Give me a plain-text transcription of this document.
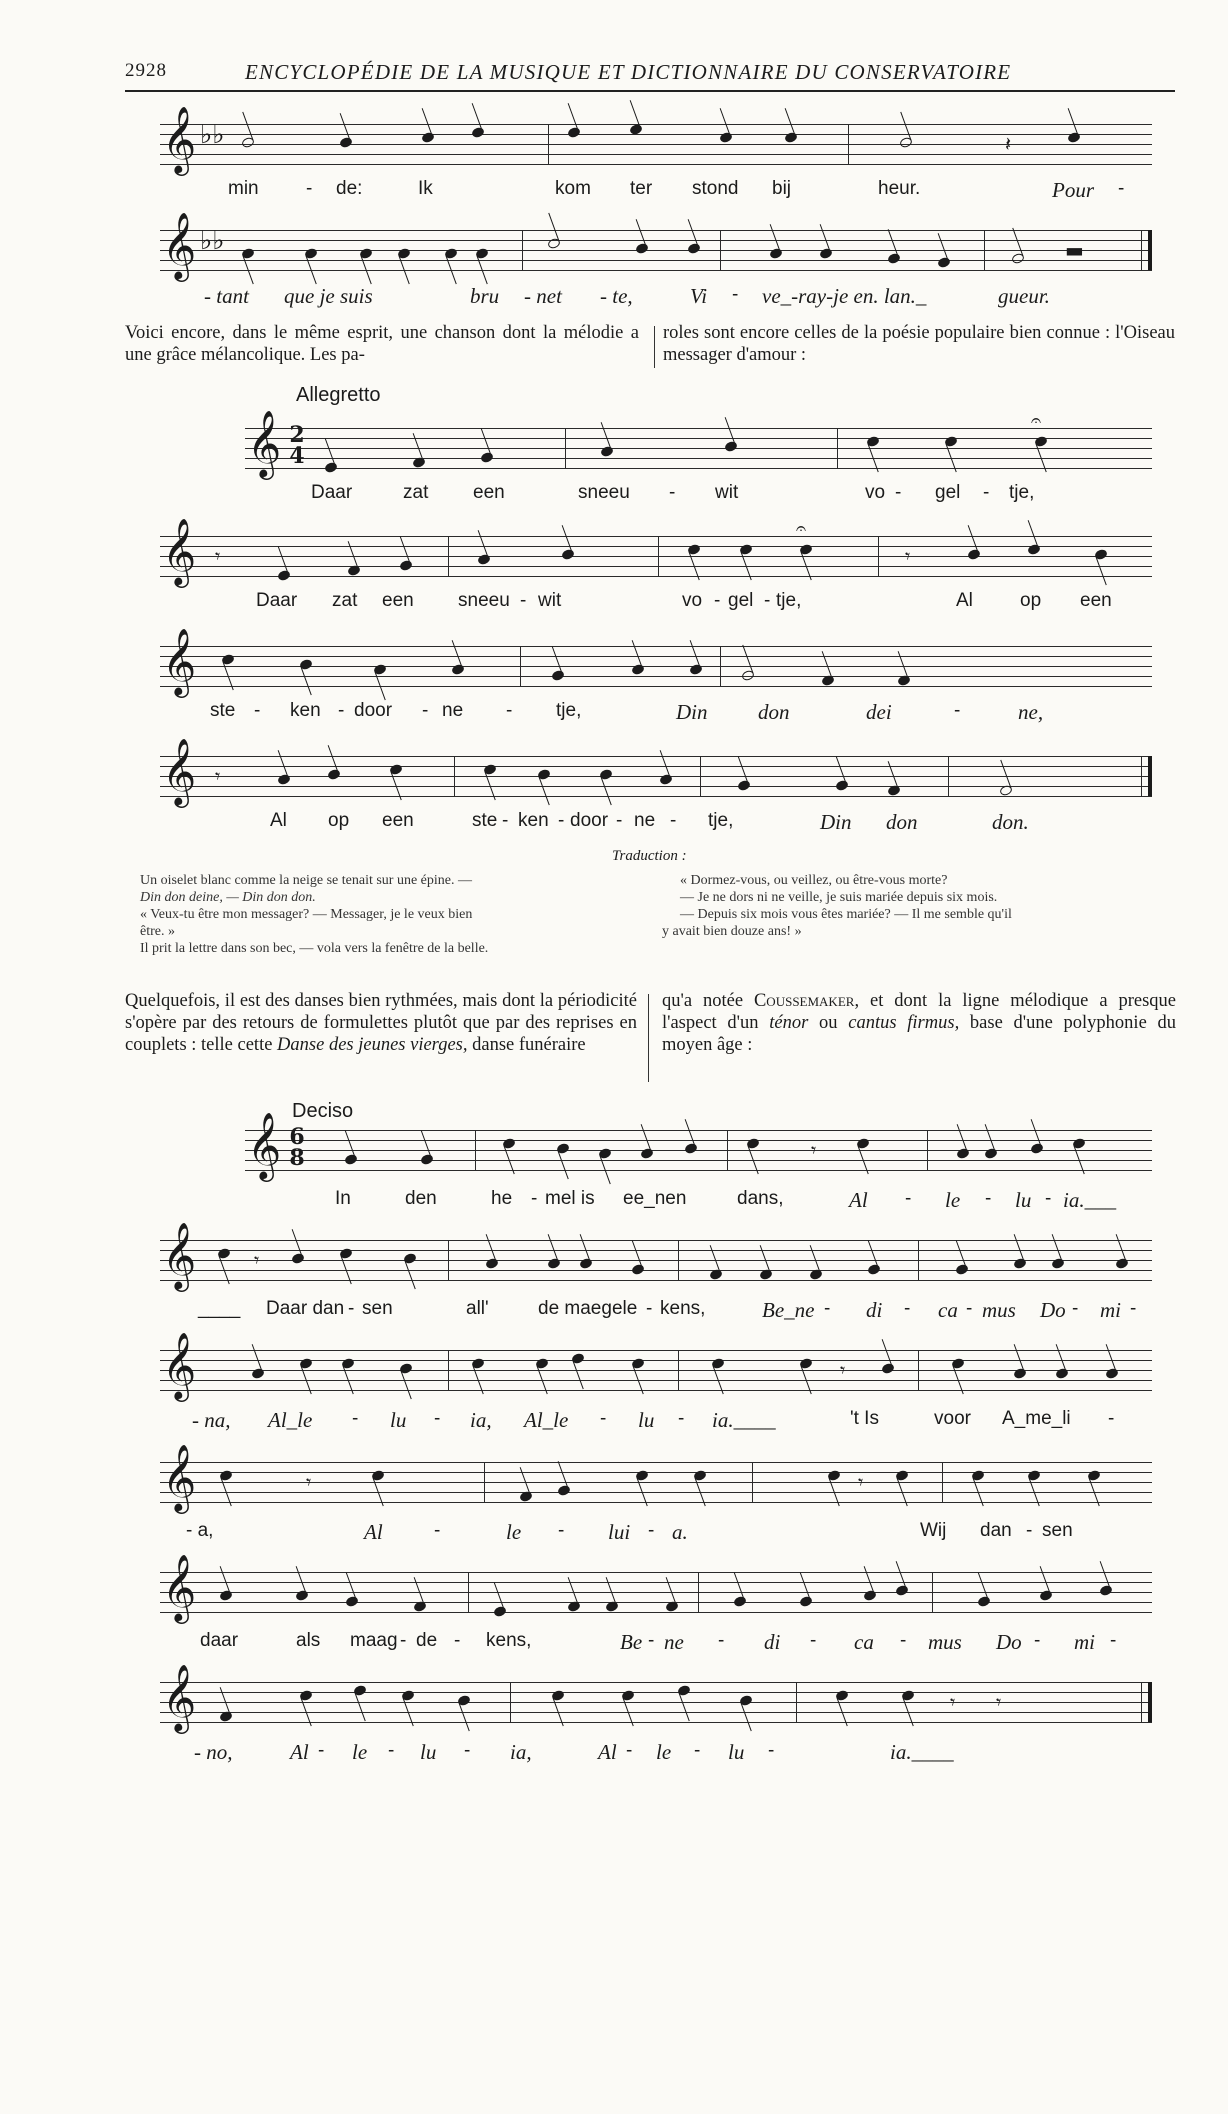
2928	ENCYCLOPÉDIE DE LA MUSIQUE ET DICTIONNAIRE DU CONSERVATOIRE
𝄞 ♭♭	𝄽

min

-

de:

	Ik

	kom

ter

stond

bij

	heur.

	Pour

-

𝄞 ♭♭	▬

- tant

que je suis

	bru

- net

- te,

	Vi

-

ve_-ray-je en. lan._

	gueur.

Voici encore, dans le même esprit, une chanson dont la mélodie a une grâce mélancolique. Les pa-
roles sont encore celles de la poésie populaire bien connue : l'Oiseau messager d'amour :
Allegretto
𝄞 2
4
𝄐

Daar

	zat

een

	sneeu

-

wit

	vo

-

gel

-

tje,

𝄞 𝄾
𝄐
𝄾

Daar

zat

een

sneeu

-

wit

	vo

-

gel

-

tje,

	Al

op

een

𝄞

ste

-

ken

-

door

-

ne

-

tje,

	Din

don

	dei

	-

	ne,

𝄞 𝄾

Al

op

een

	ste

-

ken

-

door

-

ne

-

tje,

	Din

don

	don.

Traduction :
Un oiselet blanc comme la neige se tenait sur une épine. —
Din don deine, — Din don don.
« Veux-tu être mon messager? — Messager, je le veux bien
être. »
Il prit la lettre dans son bec, — vola vers la fenêtre de la belle.
« Dormez-vous, ou veillez, ou être-vous morte?
— Je ne dors ni ne veille, je suis mariée depuis six mois.
— Depuis six mois vous êtes mariée? — Il me semble qu'il
y avait bien douze ans! »
Quelquefois, il est des danses bien rythmées, mais dont la périodicité s'opère par des retours de formulettes plutôt que par des reprises en couplets : telle cette Danse des jeunes vierges, danse funéraire
qu'a notée Coussemaker, et dont la ligne mélodique a presque l'aspect d'un ténor ou cantus firmus, base d'une polyphonie du moyen âge :
Deciso
𝄞 6
8	𝄾

In

	den

	he

-

mel is

ee_nen

	dans,

	Al

-

le

-

lu

-

ia.___

𝄞	𝄾

____

Daar dan

-

sen

	all'

	de maegele

-

kens,

	Be_ne

-

di

-

ca

-

mus

Do

-

mi

-

𝄞	𝄾

- na,

Al_le

-

lu

-

ia,

Al_le

-

lu

-

ia.____

	't Is

	voor

A_me_li

-

𝄞	𝄾	𝄾

- a,

	Al

	-

	le

-

lui

-

a.

	Wij

dan

-

sen

𝄞

daar

	als

maag

-

de

-

kens,

	Be

-

ne

-

di

-

ca

-

mus

Do

-

mi

-

𝄞	𝄾 𝄾

- no,

	Al

-

le

-

lu

-

ia,

	Al

-

le

-

lu

-

	ia.____
